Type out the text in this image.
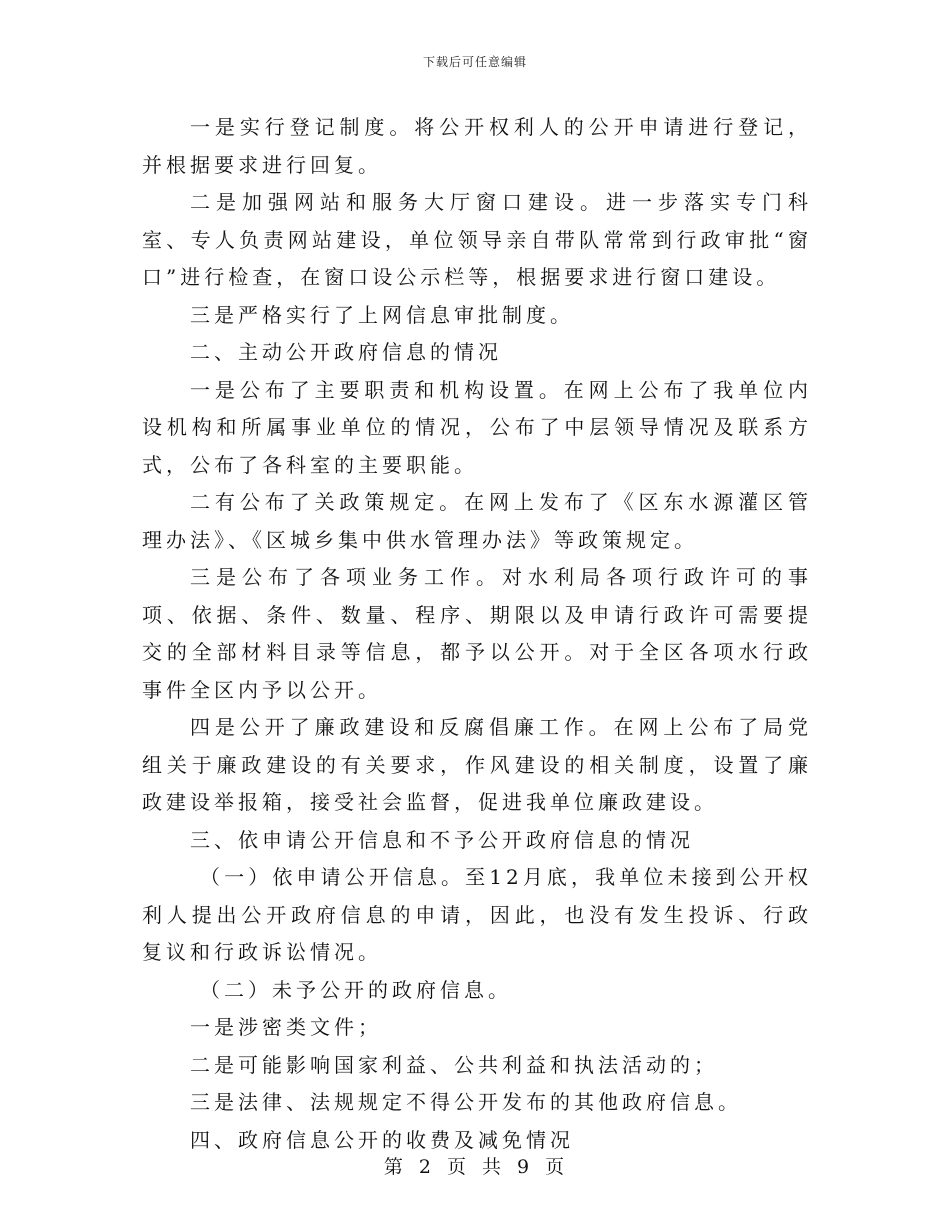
下载后可任意编辑

一是实行登记制度。将公开权利人的公开申请进行登记，并根据要求进行回复。

二是加强网站和服务大厅窗口建设。进一步落实专门科室、专人负责网站建设，单位领导亲自带队常常到行政审批“窗口”进行检查，在窗口设公示栏等，根据要求进行窗口建设。

三是严格实行了上网信息审批制度。

二、主动公开政府信息的情况

一是公布了主要职责和机构设置。在网上公布了我单位内设机构和所属事业单位的情况，公布了中层领导情况及联系方式，公布了各科室的主要职能。

二有公布了关政策规定。在网上发布了《区东水源灌区管理办法》、《区城乡集中供水管理办法》等政策规定。

三是公布了各项业务工作。对水利局各项行政许可的事项、依据、条件、数量、程序、期限以及申请行政许可需要提交的全部材料目录等信息，都予以公开。对于全区各项水行政事件全区内予以公开。

四是公开了廉政建设和反腐倡廉工作。在网上公布了局党组关于廉政建设的有关要求，作风建设的相关制度，设置了廉政建设举报箱，接受社会监督，促进我单位廉政建设。

三、依申请公开信息和不予公开政府信息的情况

（一）依申请公开信息。至12月底，我单位未接到公开权利人提出公开政府信息的申请，因此，也没有发生投诉、行政复议和行政诉讼情况。

（二）未予公开的政府信息。

一是涉密类文件；

二是可能影响国家利益、公共利益和执法活动的；

三是法律、法规规定不得公开发布的其他政府信息。

四、政府信息公开的收费及减免情况

第 2 页 共 9 页
